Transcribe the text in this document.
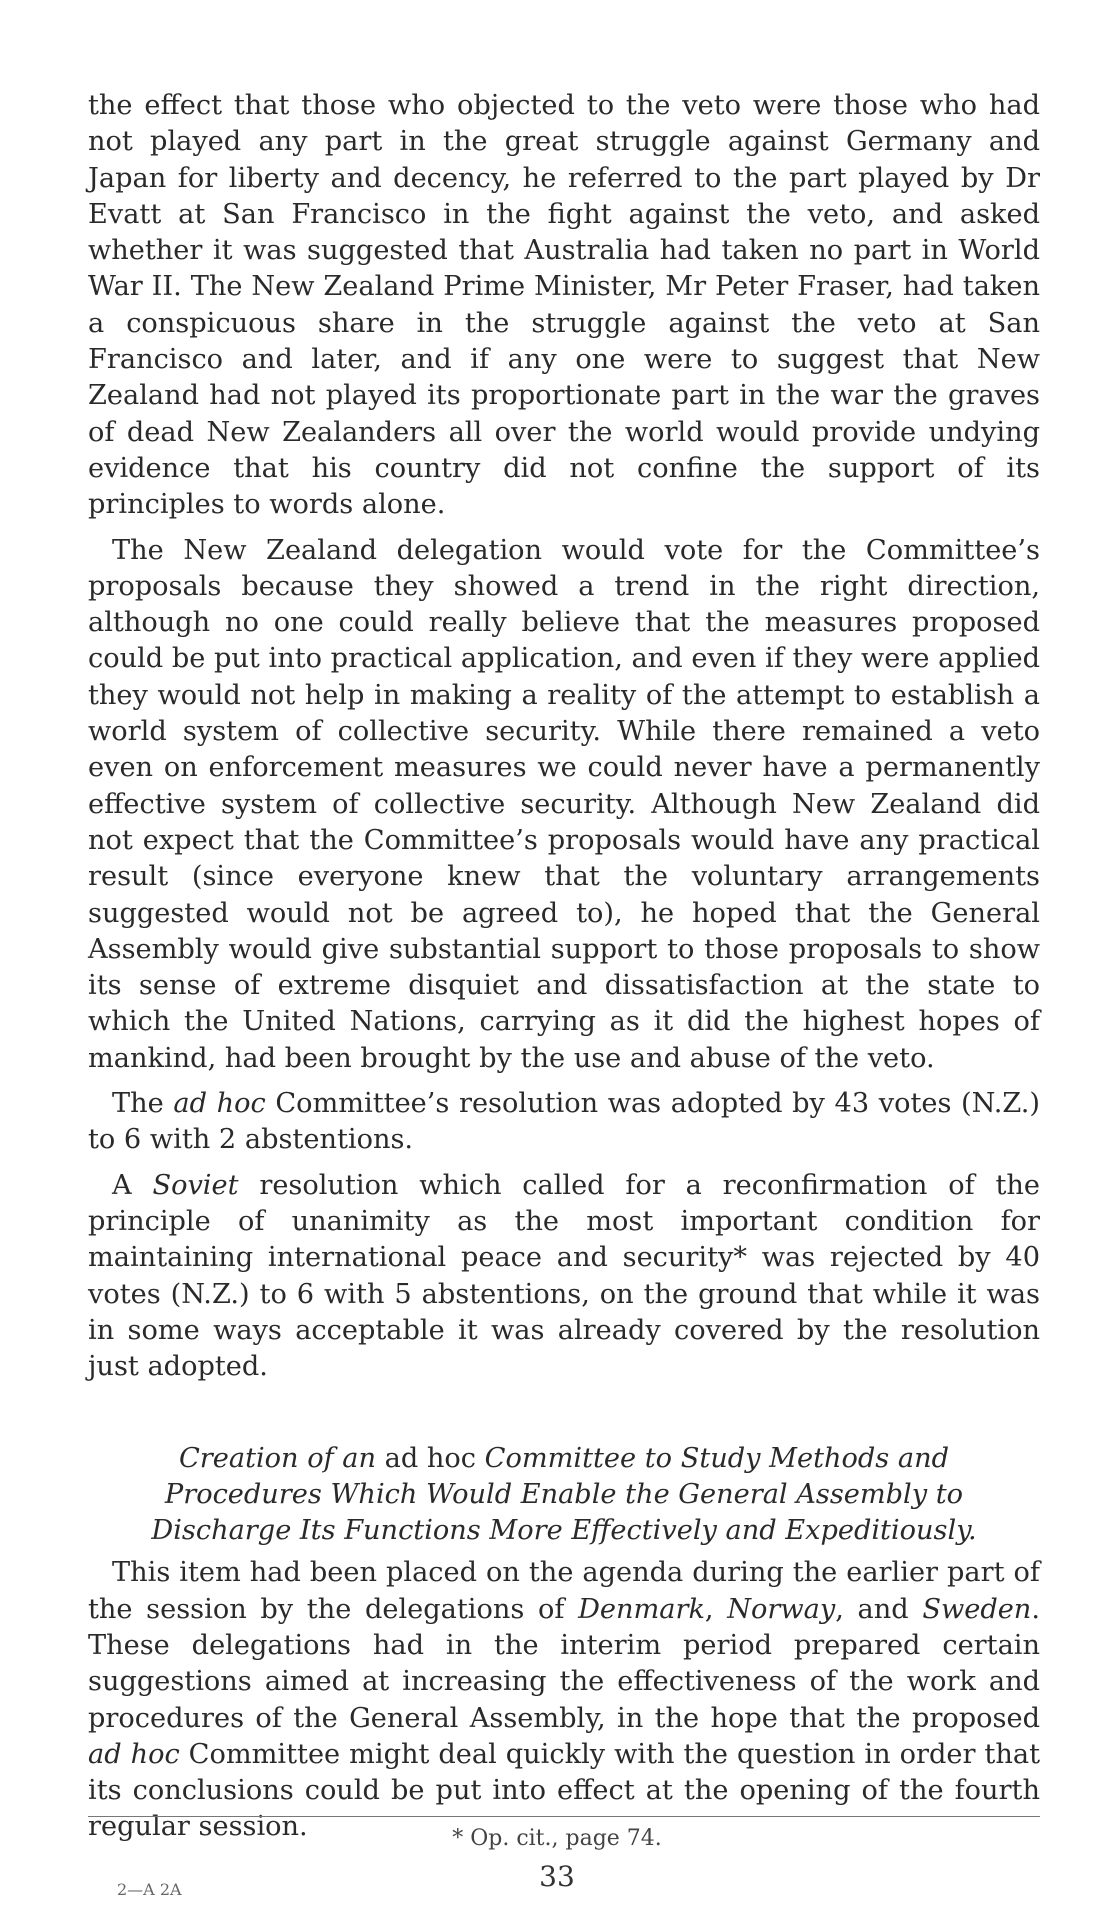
the effect that those who objected to the veto were those who had not played any part in the great struggle against Germany and Japan for liberty and decency, he referred to the part played by Dr Evatt at San Francisco in the fight against the veto, and asked whether it was suggested that Australia had taken no part in World War II. The New Zealand Prime Minister, Mr Peter Fraser, had taken a conspicuous share in the struggle against the veto at San Francisco and later, and if any one were to suggest that New Zealand had not played its proportionate part in the war the graves of dead New Zealanders all over the world would provide undying evidence that his country did not confine the support of its principles to words alone.

The New Zealand delegation would vote for the Committee’s proposals because they showed a trend in the right direction, although no one could really believe that the measures proposed could be put into practical application, and even if they were applied they would not help in making a reality of the attempt to establish a world system of collective security. While there remained a veto even on enforcement measures we could never have a permanently effective system of collective security. Although New Zealand did not expect that the Committee’s proposals would have any practical result (since everyone knew that the voluntary arrangements suggested would not be agreed to), he hoped that the General Assembly would give substantial support to those proposals to show its sense of extreme disquiet and dissatisfaction at the state to which the United Nations, carrying as it did the highest hopes of mankind, had been brought by the use and abuse of the veto.

The ad hoc Committee’s resolution was adopted by 43 votes (N.Z.) to 6 with 2 abstentions.

A Soviet resolution which called for a reconfirmation of the principle of unanimity as the most important condition for maintaining international peace and security* was rejected by 40 votes (N.Z.) to 6 with 5 abstentions, on the ground that while it was in some ways acceptable it was already covered by the resolution just adopted.

Creation of an ad hoc Committee to Study Methods and Procedures Which Would Enable the General Assembly to Discharge Its Functions More Effectively and Expeditiously.

This item had been placed on the agenda during the earlier part of the session by the delegations of Denmark, Norway, and Sweden. These delegations had in the interim period prepared certain suggestions aimed at increasing the effectiveness of the work and procedures of the General Assembly, in the hope that the proposed ad hoc Committee might deal quickly with the question in order that its conclusions could be put into effect at the opening of the fourth regular session.	* Op. cit., page 74.
33
2—A 2A
